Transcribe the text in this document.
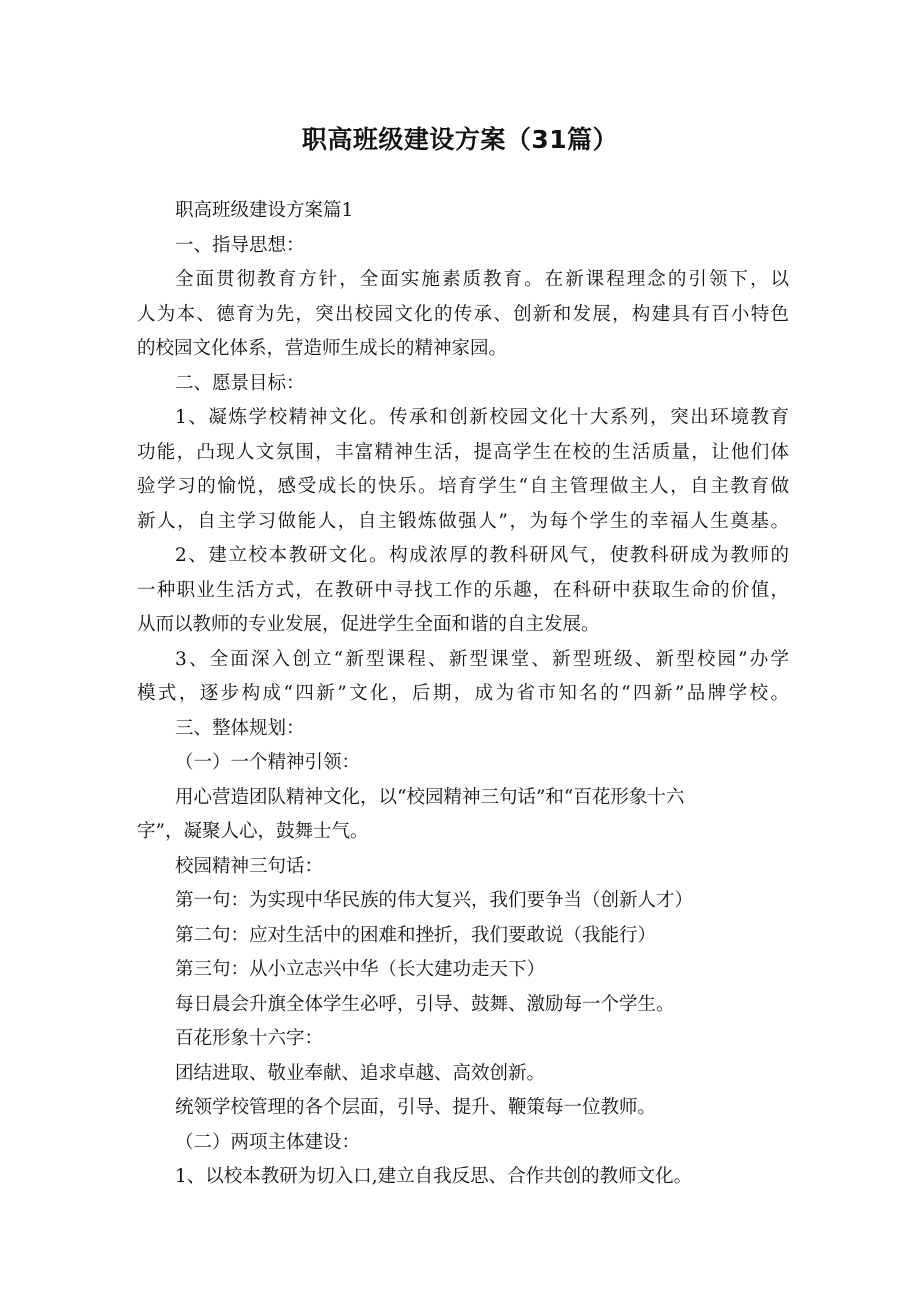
职高班级建设方案（31篇）
职高班级建设方案篇1
一、指导思想：
全面贯彻教育方针，全面实施素质教育。在新课程理念的引领下，以
人为本、德育为先，突出校园文化的传承、创新和发展，构建具有百小特色
的校园文化体系，营造师生成长的精神家园。
二、愿景目标：
1、凝炼学校精神文化。传承和创新校园文化十大系列，突出环境教育
功能，凸现人文氛围，丰富精神生活，提高学生在校的生活质量，让他们体
验学习的愉悦，感受成长的快乐。培育学生“自主管理做主人，自主教育做
新人，自主学习做能人，自主锻炼做强人”，为每个学生的幸福人生奠基。
2、建立校本教研文化。构成浓厚的教科研风气，使教科研成为教师的
一种职业生活方式，在教研中寻找工作的乐趣，在科研中获取生命的价值，
从而以教师的专业发展，促进学生全面和谐的自主发展。
3、全面深入创立“新型课程、新型课堂、新型班级、新型校园”办学
模式，逐步构成“四新”文化，后期，成为省市知名的“四新”品牌学校。
三、整体规划：
（一）一个精神引领：
用心营造团队精神文化，以“校园精神三句话”和“百花形象十六
字”，凝聚人心，鼓舞士气。
校园精神三句话：
第一句：为实现中华民族的伟大复兴，我们要争当（创新人才）
第二句：应对生活中的困难和挫折，我们要敢说（我能行）
第三句：从小立志兴中华（长大建功走天下）
每日晨会升旗全体学生必呼，引导、鼓舞、激励每一个学生。
百花形象十六字：
团结进取、敬业奉献、追求卓越、高效创新。
统领学校管理的各个层面，引导、提升、鞭策每一位教师。
（二）两项主体建设：
1、以校本教研为切入口,建立自我反思、合作共创的教师文化。
